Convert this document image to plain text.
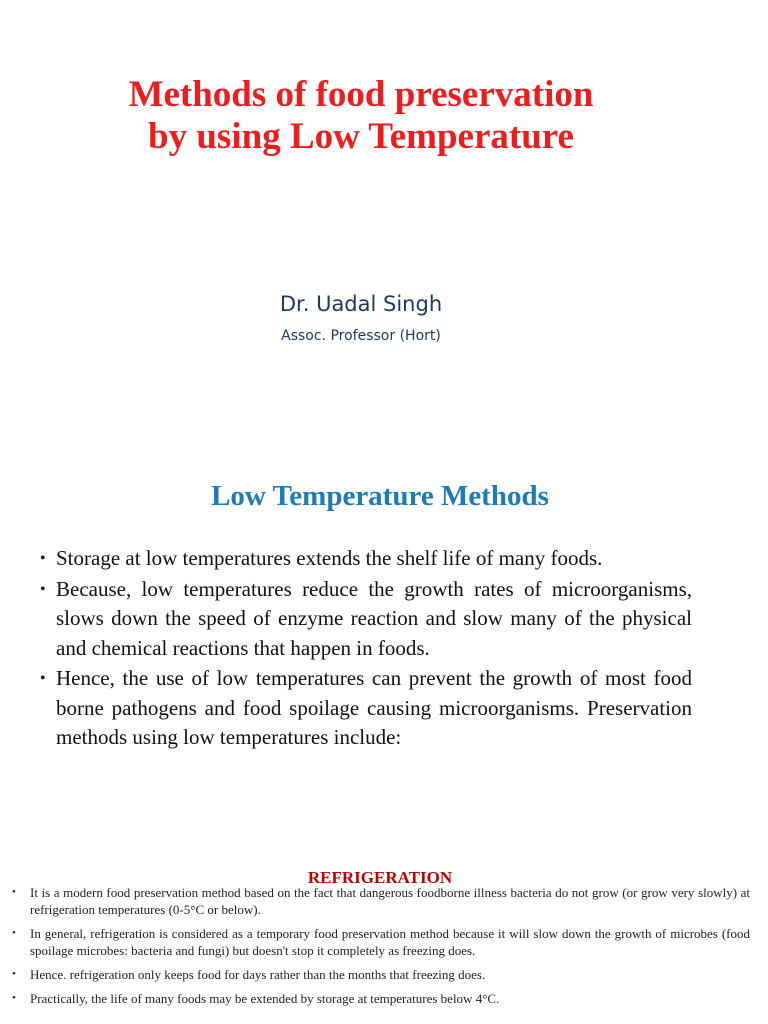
Methods of food preservation
by using Low Temperature

Dr. Uadal Singh

Assoc. Professor (Hort)

Low Temperature Methods
• Storage at low temperatures extends the shelf life of many foods.
• Because, low temperatures reduce the growth rates of microorganisms, slows down the speed of enzyme reaction and slow many of the physical and chemical reactions that happen in foods.
• Hence, the use of low temperatures can prevent the growth of most food borne pathogens and food spoilage causing microorganisms. Preservation methods using low temperatures include:
REFRIGERATION
• It is a modern food preservation method based on the fact that dangerous foodborne illness bacteria do not grow (or grow very slowly) at refrigeration temperatures (0-5°C or below).
• In general, refrigeration is considered as a temporary food preservation method because it will slow down the growth of microbes (food spoilage microbes: bacteria and fungi) but doesn't stop it completely as freezing does.
• Hence. refrigeration only keeps food for days rather than the months that freezing does.
• Practically, the life of many foods may be extended by storage at temperatures below 4°C.
